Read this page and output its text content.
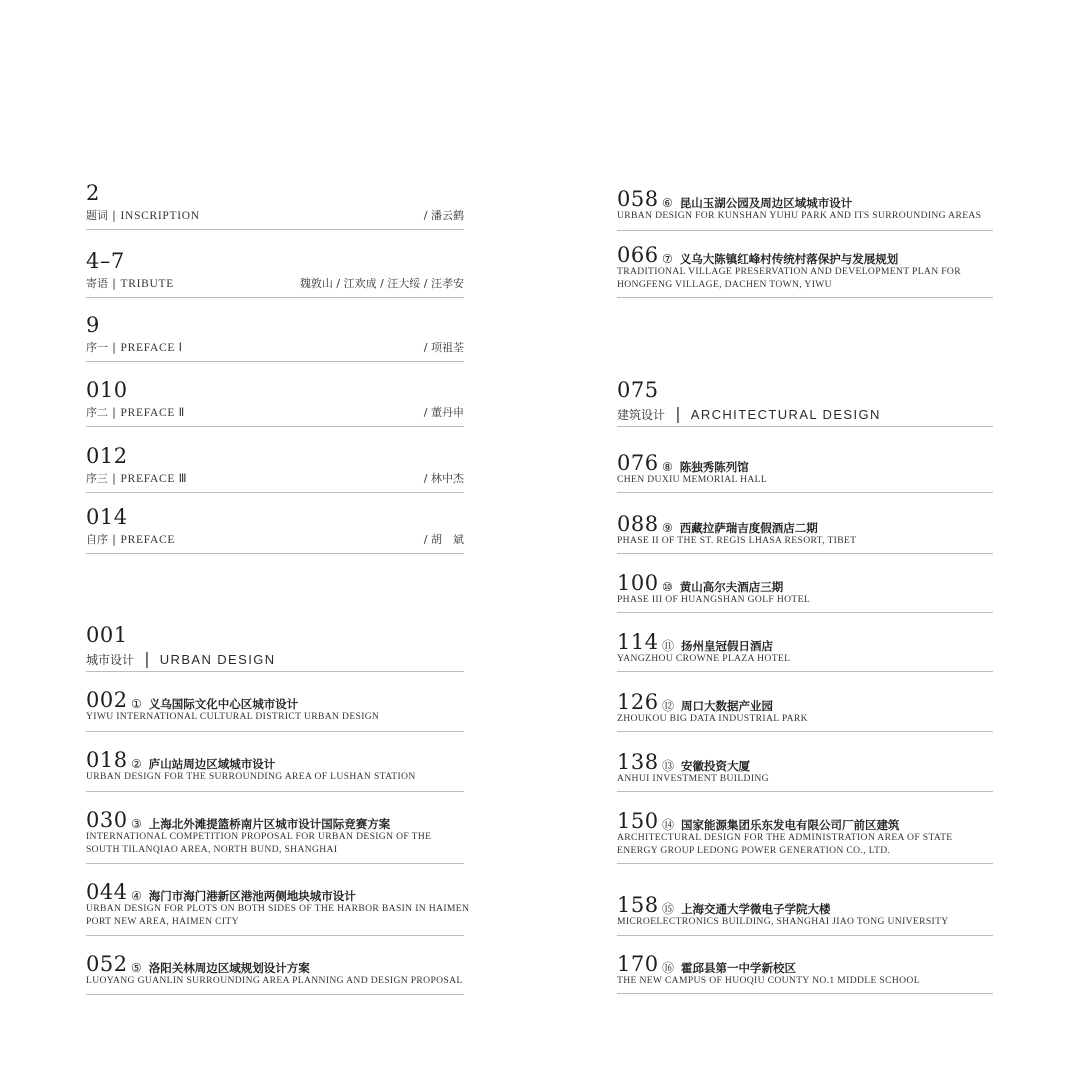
2
题词 | INSCRIPTION	/ 潘云鹤
4–7
寄语 | TRIBUTE	魏敦山 / 江欢成 / 汪大绥 / 汪孝安
9
序一 | PREFACE Ⅰ	/ 项祖荃
010
序二 | PREFACE Ⅱ	/ 董丹申
012
序三 | PREFACE Ⅲ	/ 林中杰
014
自序 | PREFACE	/ 胡　斌
001
城市设计 | URBAN DESIGN
002 ① 义乌国际文化中心区城市设计
YIWU INTERNATIONAL CULTURAL DISTRICT URBAN DESIGN
018 ② 庐山站周边区域城市设计
URBAN DESIGN FOR THE SURROUNDING AREA OF LUSHAN STATION
030 ③ 上海北外滩提篮桥南片区城市设计国际竞赛方案
INTERNATIONAL COMPETITION PROPOSAL FOR URBAN DESIGN OF THE
SOUTH TILANQIAO AREA, NORTH BUND, SHANGHAI
044 ④ 海门市海门港新区港池两侧地块城市设计
URBAN DESIGN FOR PLOTS ON BOTH SIDES OF THE HARBOR BASIN IN HAIMEN
PORT NEW AREA, HAIMEN CITY
052 ⑤ 洛阳关林周边区域规划设计方案
LUOYANG GUANLIN SURROUNDING AREA PLANNING AND DESIGN PROPOSAL
058 ⑥ 昆山玉湖公园及周边区域城市设计
URBAN DESIGN FOR KUNSHAN YUHU PARK AND ITS SURROUNDING AREAS
066 ⑦ 义乌大陈镇红峰村传统村落保护与发展规划
TRADITIONAL VILLAGE PRESERVATION AND DEVELOPMENT PLAN FOR
HONGFENG VILLAGE, DACHEN TOWN, YIWU
075
建筑设计 | ARCHITECTURAL DESIGN
076 ⑧ 陈独秀陈列馆
CHEN DUXIU MEMORIAL HALL
088 ⑨ 西藏拉萨瑞吉度假酒店二期
PHASE II OF THE ST. REGIS LHASA RESORT, TIBET
100 ⑩ 黄山高尔夫酒店三期
PHASE III OF HUANGSHAN GOLF HOTEL
114 ⑪ 扬州皇冠假日酒店
YANGZHOU CROWNE PLAZA HOTEL
126 ⑫ 周口大数据产业园
ZHOUKOU BIG DATA INDUSTRIAL PARK
138 ⑬ 安徽投资大厦
ANHUI INVESTMENT BUILDING
150 ⑭ 国家能源集团乐东发电有限公司厂前区建筑
ARCHITECTURAL DESIGN FOR THE ADMINISTRATION AREA OF STATE
ENERGY GROUP LEDONG POWER GENERATION CO., LTD.
158 ⑮ 上海交通大学微电子学院大楼
MICROELECTRONICS BUILDING, SHANGHAI JIAO TONG UNIVERSITY
170 ⑯ 霍邱县第一中学新校区
THE NEW CAMPUS OF HUOQIU COUNTY NO.1 MIDDLE SCHOOL
